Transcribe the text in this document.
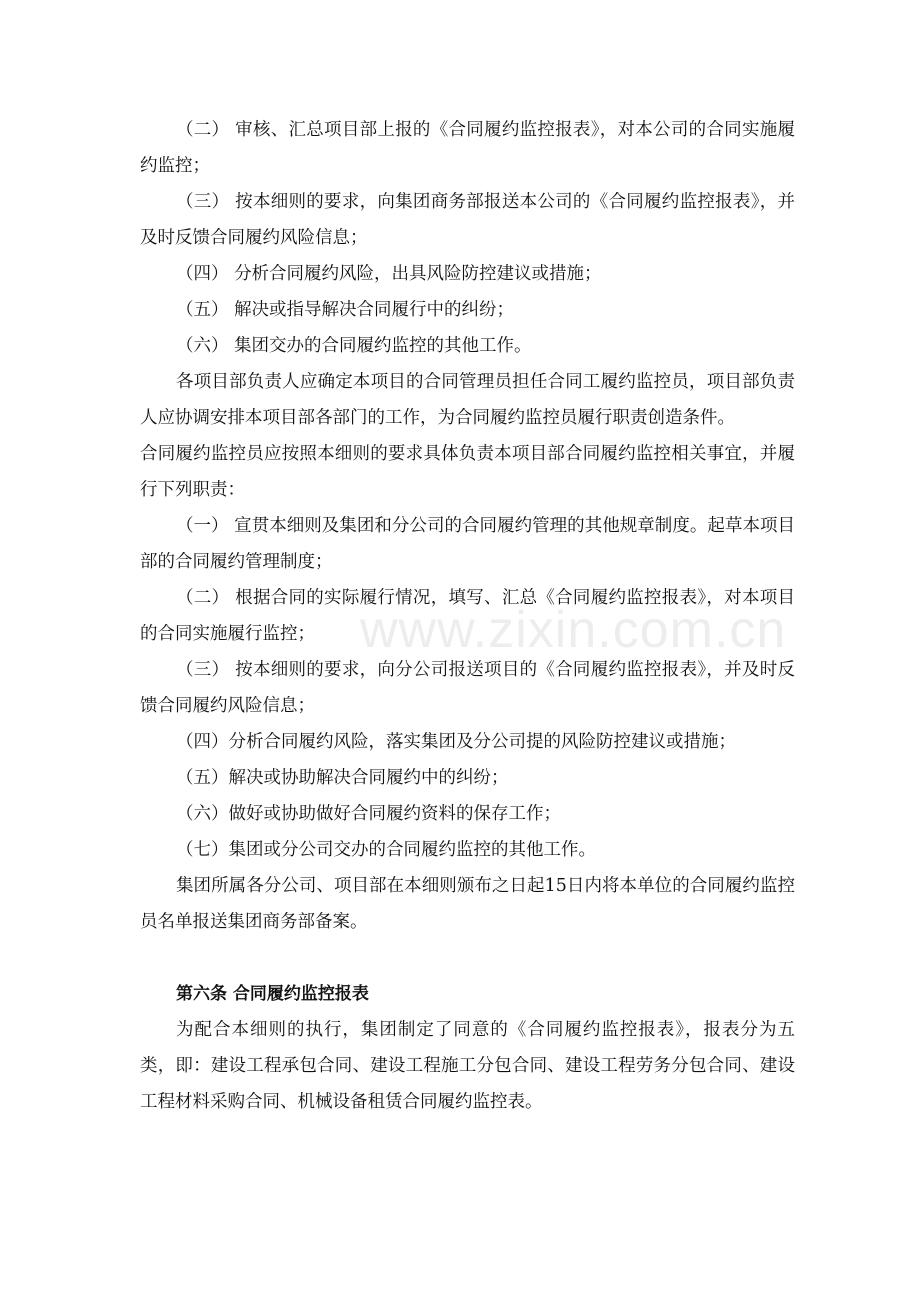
（二） 审核、汇总项目部上报的《合同履约监控报表》，对本公司的合同实施履约监控；

（三） 按本细则的要求，向集团商务部报送本公司的《合同履约监控报表》，并及时反馈合同履约风险信息；

（四） 分析合同履约风险，出具风险防控建议或措施；

（五） 解决或指导解决合同履行中的纠纷；

（六） 集团交办的合同履约监控的其他工作。

各项目部负责人应确定本项目的合同管理员担任合同工履约监控员，项目部负责人应协调安排本项目部各部门的工作，为合同履约监控员履行职责创造条件。

合同履约监控员应按照本细则的要求具体负责本项目部合同履约监控相关事宜，并履行下列职责：

（一） 宣贯本细则及集团和分公司的合同履约管理的其他规章制度。起草本项目部的合同履约管理制度；

（二） 根据合同的实际履行情况，填写、汇总《合同履约监控报表》，对本项目的合同实施履行监控；

（三） 按本细则的要求，向分公司报送项目的《合同履约监控报表》，并及时反馈合同履约风险信息；

（四）分析合同履约风险，落实集团及分公司提的风险防控建议或措施；

（五）解决或协助解决合同履约中的纠纷；

（六）做好或协助做好合同履约资料的保存工作；

（七）集团或分公司交办的合同履约监控的其他工作。

集团所属各分公司、项目部在本细则颁布之日起15日内将本单位的合同履约监控员名单报送集团商务部备案。

第六条 合同履约监控报表

为配合本细则的执行，集团制定了同意的《合同履约监控报表》，报表分为五类，即：建设工程承包合同、建设工程施工分包合同、建设工程劳务分包合同、建设工程材料采购合同、机械设备租赁合同履约监控表。

www.zixin.com.cn
